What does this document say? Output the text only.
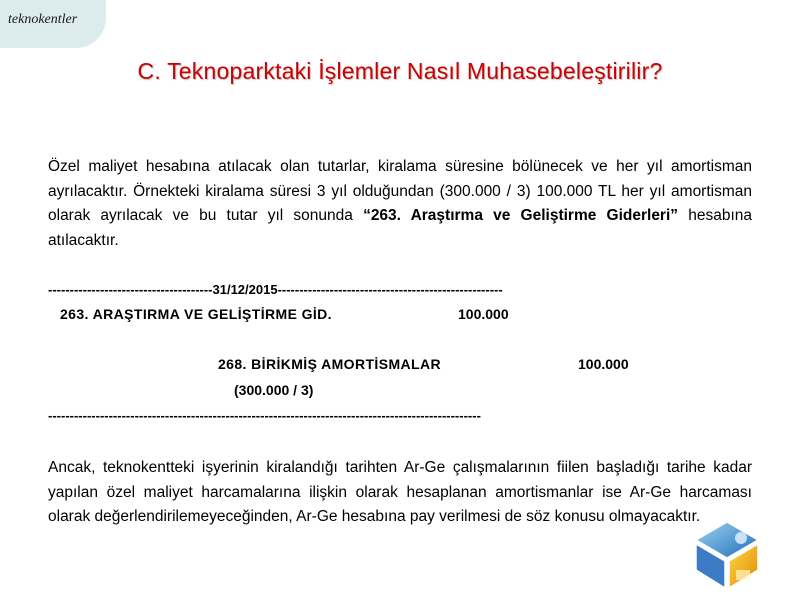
teknokentler
C. Teknoparktaki İşlemler Nasıl Muhasebeleştirilir?
Özel maliyet hesabına atılacak olan tutarlar, kiralama süresine bölünecek ve her yıl amortisman ayrılacaktır. Örnekteki kiralama süresi 3 yıl olduğundan (300.000 / 3) 100.000 TL her yıl amortisman olarak ayrılacak ve bu tutar yıl sonunda “263. Araştırma ve Geliştirme Giderleri” hesabına atılacaktır.
--------------------------------------31/12/2015----------------------------------------------------
263. ARAŞTIRMA VE GELİŞTİRME GİD.	100.000
268. BİRİKMİŞ AMORTİSMALAR	100.000
(300.000 / 3)
----------------------------------------------------------------------------------------------------
Ancak, teknokentteki işyerinin kiralandığı tarihten Ar-Ge çalışmalarının fiilen başladığı tarihe kadar yapılan özel maliyet harcamalarına ilişkin olarak hesaplanan amortismanlar ise Ar-Ge harcaması olarak değerlendirilemeyeceğinden, Ar-Ge hesabına pay verilmesi de söz konusu olmayacaktır.
